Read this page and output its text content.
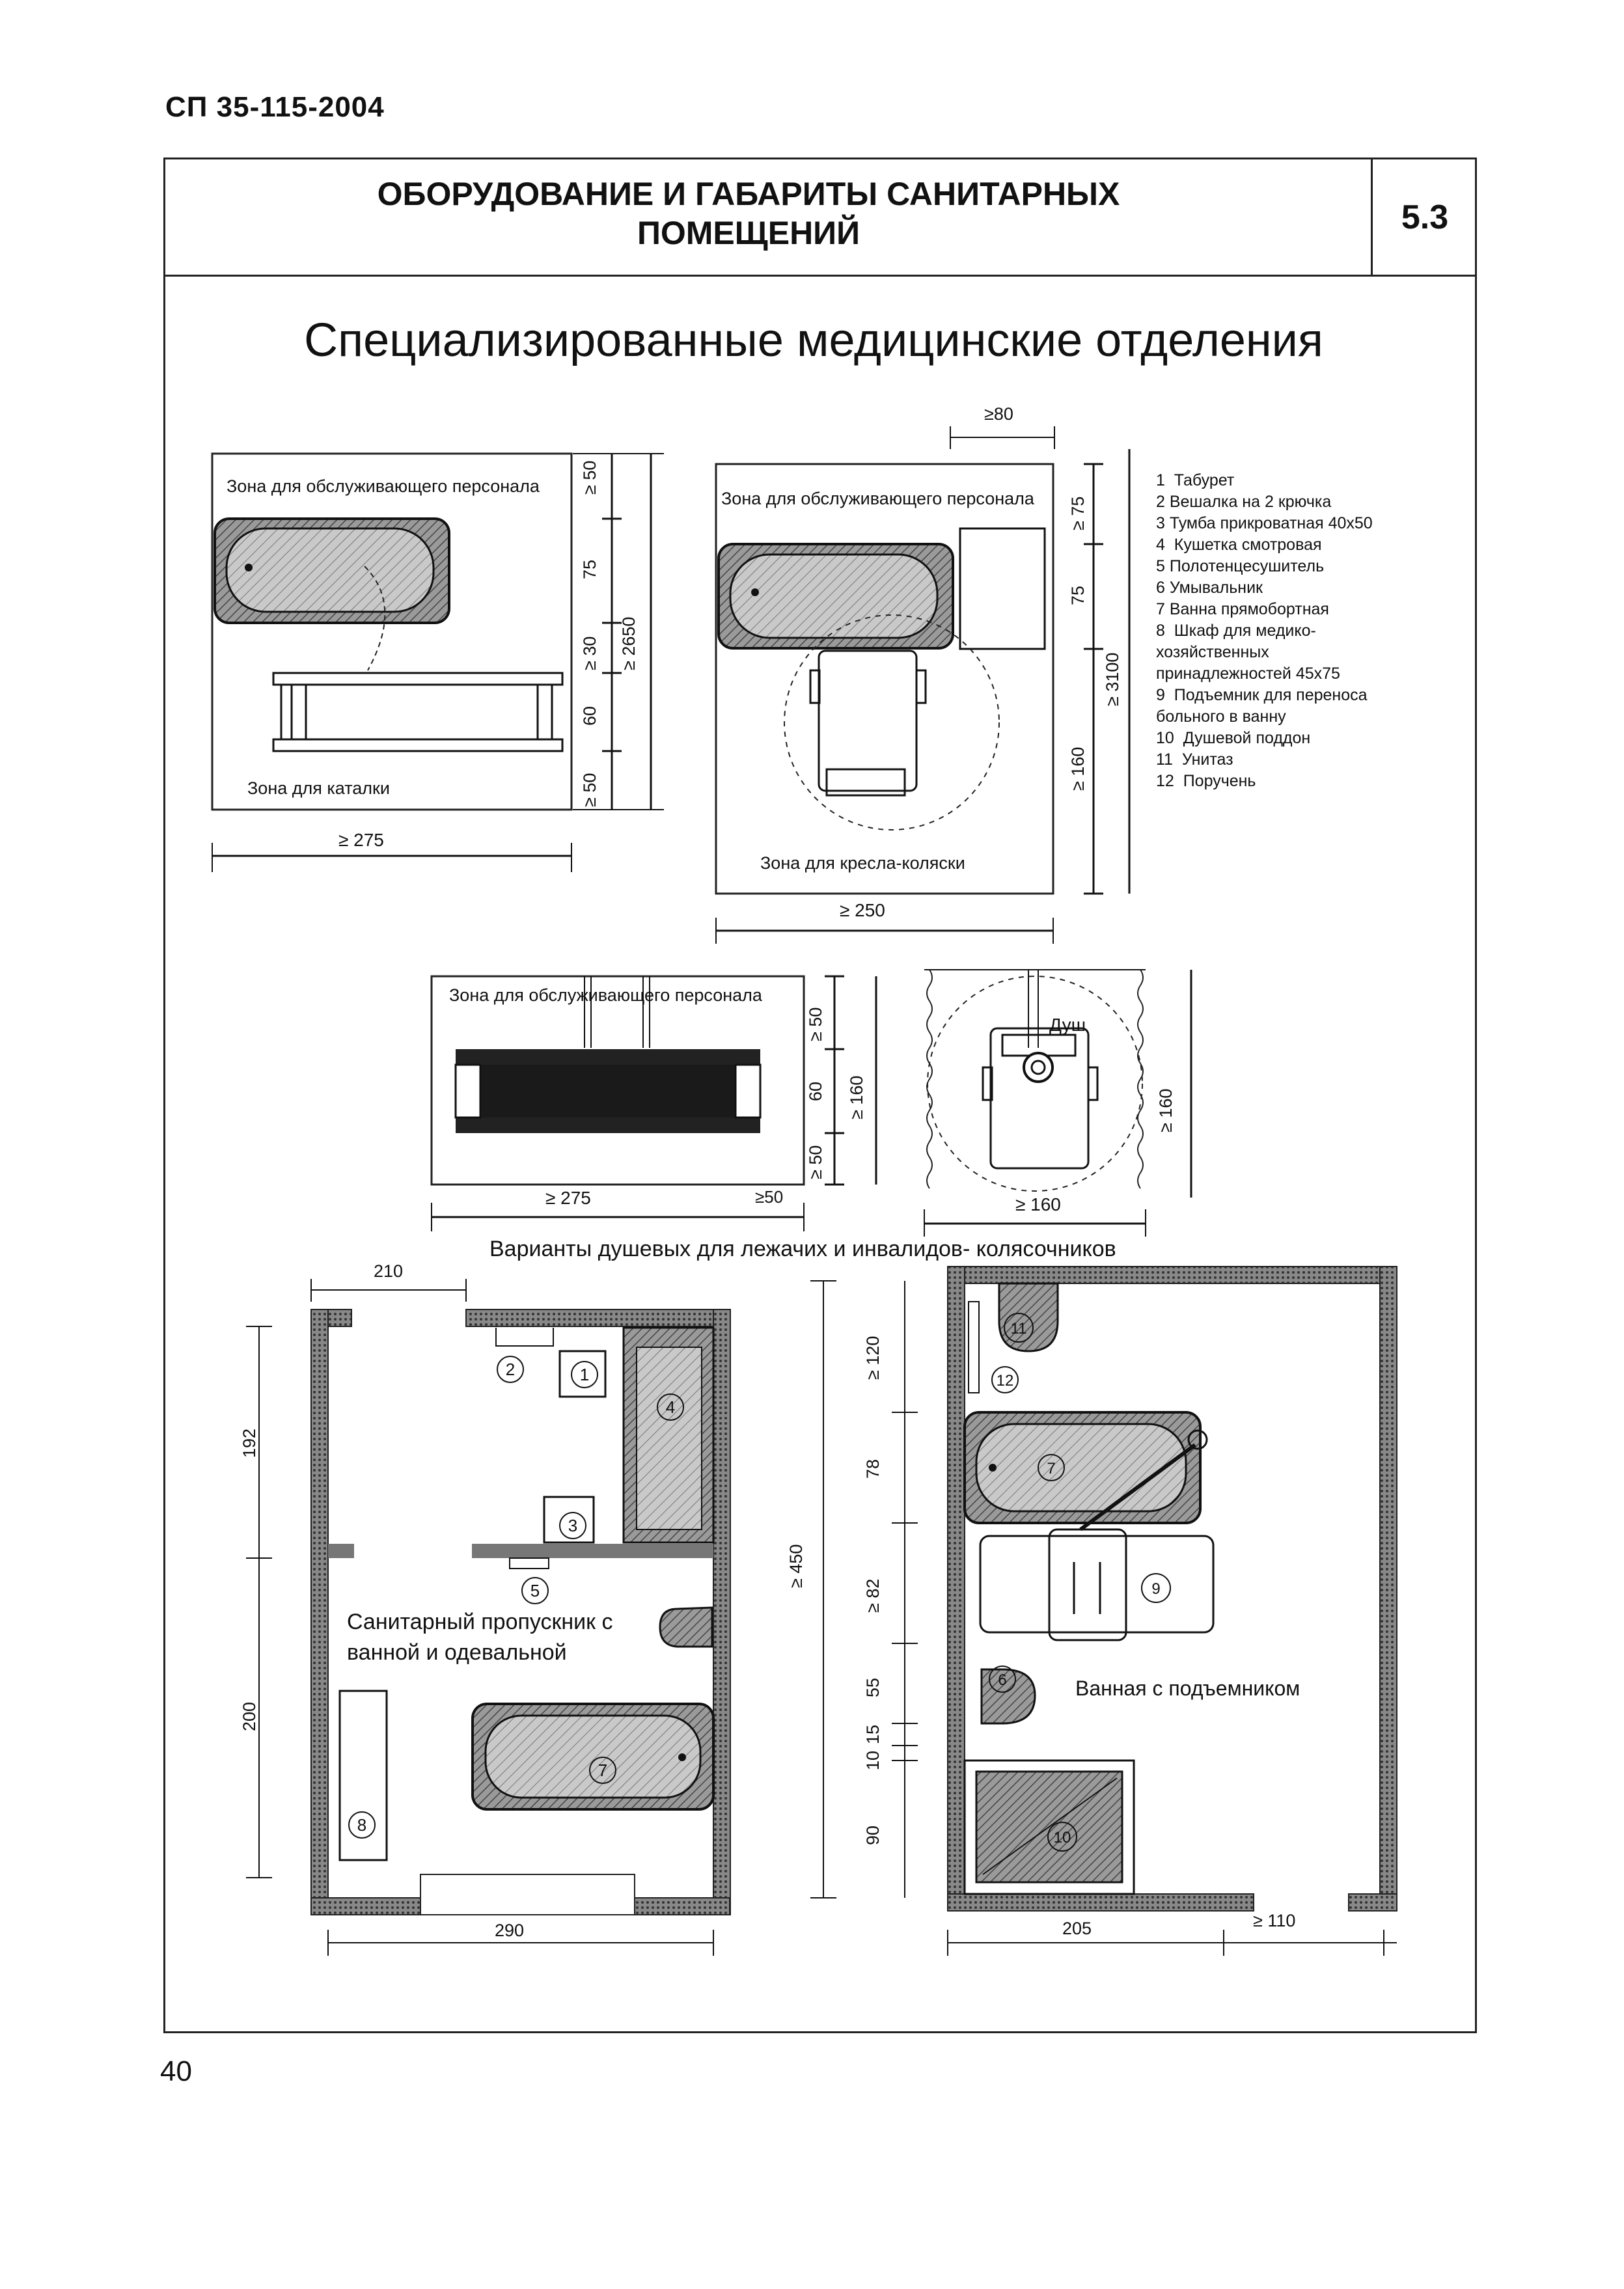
СП 35-115-2004
ОБОРУДОВАНИЕ И ГАБАРИТЫ САНИТАРНЫХ
ПОМЕЩЕНИЙ	5.3
Специализированные медицинские отделения
Зона для обслуживающего персонала
Зона для каталки
≥ 50
75
≥ 30
60
≥ 50
≥ 2650
≥ 275
Зона для обслуживающего персонала
Зона для кресла-коляски
≥80
≥ 75
75
≥ 160
≥ 3100
≥ 250
Зона для обслуживающего персонала
≥ 50
60
≥ 50
≥ 160
≥ 275	≥50
Душ
≥ 160
≥ 160
Варианты душевых для лежачих и инвалидов- колясочников
1
2
3
4
5
7
8
Санитарный пропускник с
ванной и одевальной
210
192
200
290
≥ 450
≥ 120
78
≥ 82
55
15
10
90
6
7
9
10
11
12
Ванная с подъемником
205	≥ 110
1  Табурет
2 Вешалка на 2 крючка
3 Тумба прикроватная 40x50
4  Кушетка смотровая
5 Полотенцесушитель
6 Умывальник
7 Ванна прямобортная
8  Шкаф для медико-
хозяйственных
принадлежностей 45x75
9  Подъемник для переноса
больного в ванну
10  Душевой поддон
11  Унитаз
12  Поручень
40
